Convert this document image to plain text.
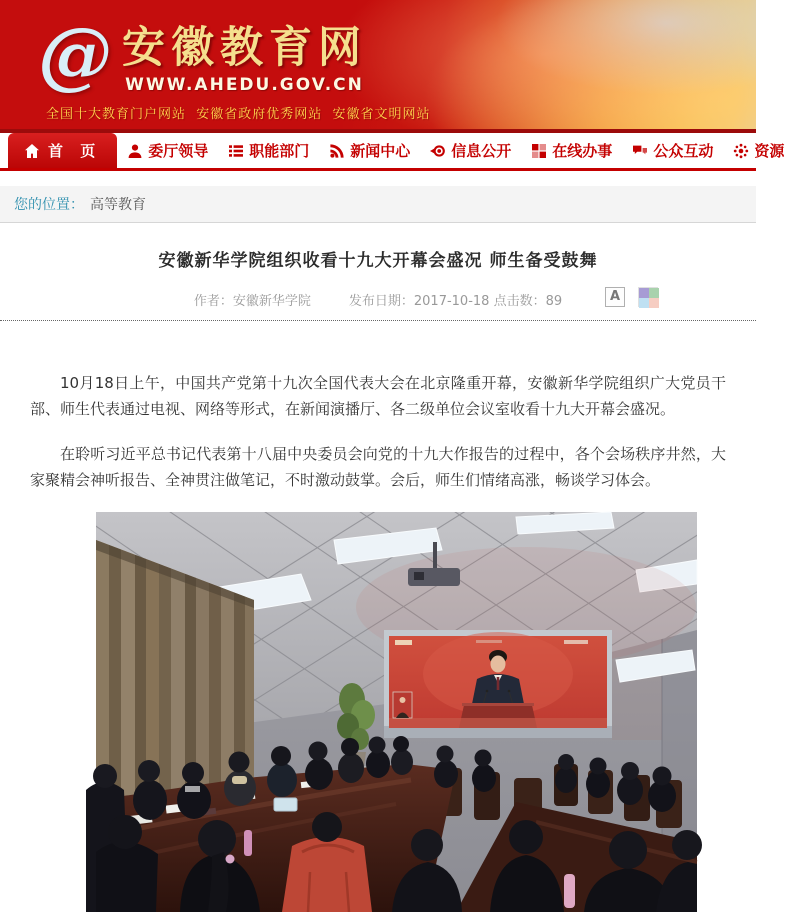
@ 安徽教育网
WWW.AHEDU.GOV.CN
全国十大教育门户网站  安徽省政府优秀网站  安徽省文明网站
首 页	委厅领导	职能部门	新闻中心	信息公开	在线办事	公众互动	资源
您的位置： 高等教育
安徽新华学院组织收看十九大开幕会盛况 师生备受鼓舞
作者：安徽新华学院	发布日期：2017-10-18 点击数：89	A

10月18日上午，中国共产党第十九次全国代表大会在北京隆重开幕，安徽新华学院组织广大党员干部、师生代表通过电视、网络等形式，在新闻演播厅、各二级单位会议室收看十九大开幕会盛况。

在聆听习近平总书记代表第十八届中央委员会向党的十九大作报告的过程中，各个会场秩序井然，大家聚精会神听报告、全神贯注做笔记，不时激动鼓掌。会后，师生们情绪高涨，畅谈学习体会。
